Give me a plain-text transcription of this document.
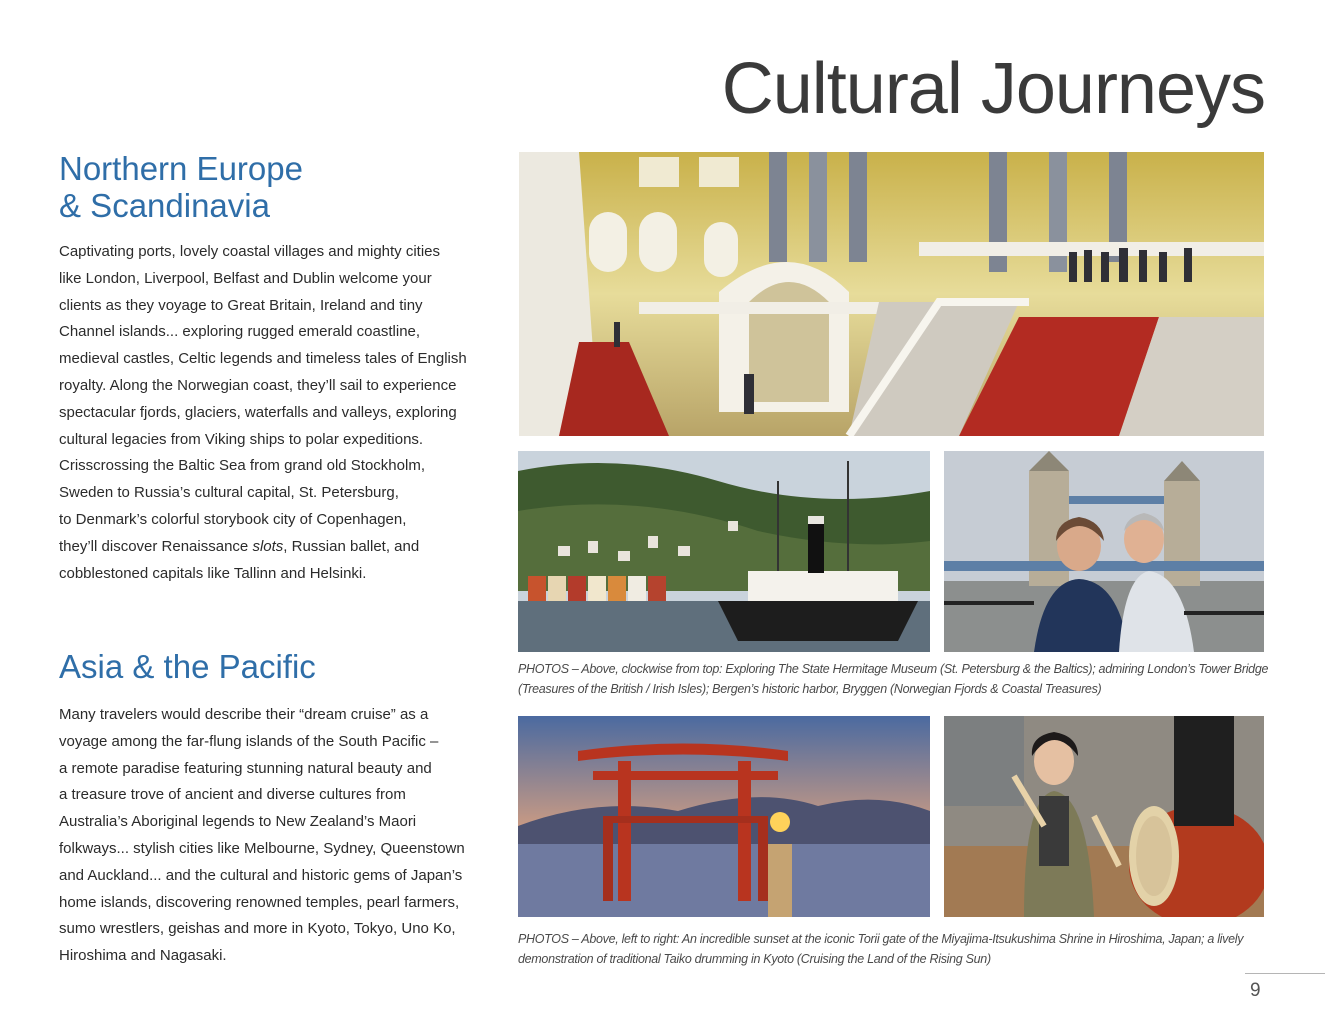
Cultural Journeys
Northern Europe
& Scandinavia

Captivating ports, lovely coastal villages and mighty cities
like London, Liverpool, Belfast and Dublin welcome your
clients as they voyage to Great Britain, Ireland and tiny
Channel islands... exploring rugged emerald coastline,
medieval castles, Celtic legends and timeless tales of English
royalty. Along the Norwegian coast, they’ll sail to experience
spectacular fjords, glaciers, waterfalls and valleys, exploring
cultural legacies from Viking ships to polar expeditions.
Crisscrossing the Baltic Sea from grand old Stockholm,
Sweden to Russia’s cultural capital, St. Petersburg,
to Denmark’s colorful storybook city of Copenhagen,
they’ll discover Renaissance slots, Russian ballet, and
cobblestoned capitals like Tallinn and Helsinki.

Asia & the Pacific

Many travelers would describe their “dream cruise” as a
voyage among the far-flung islands of the South Pacific –
a remote paradise featuring stunning natural beauty and
a treasure trove of ancient and diverse cultures from
Australia’s Aboriginal legends to New Zealand’s Maori
folkways... stylish cities like Melbourne, Sydney, Queenstown
and Auckland... and the cultural and historic gems of Japan’s
home islands, discovering renowned temples, pearl farmers,
sumo wrestlers, geishas and more in Kyoto, Tokyo, Uno Ko,
Hiroshima and Nagasaki.

PHOTOS – Above, clockwise from top: Exploring The State Hermitage Museum (St. Petersburg & the Baltics); admiring London’s Tower Bridge
(Treasures of the British / Irish Isles); Bergen’s historic harbor, Bryggen (Norwegian Fjords & Coastal Treasures)

PHOTOS – Above, left to right: An incredible sunset at the iconic Torii gate of the Miyajima-Itsukushima Shrine in Hiroshima, Japan; a lively
demonstration of traditional Taiko drumming in Kyoto (Cruising the Land of the Rising Sun)

9
